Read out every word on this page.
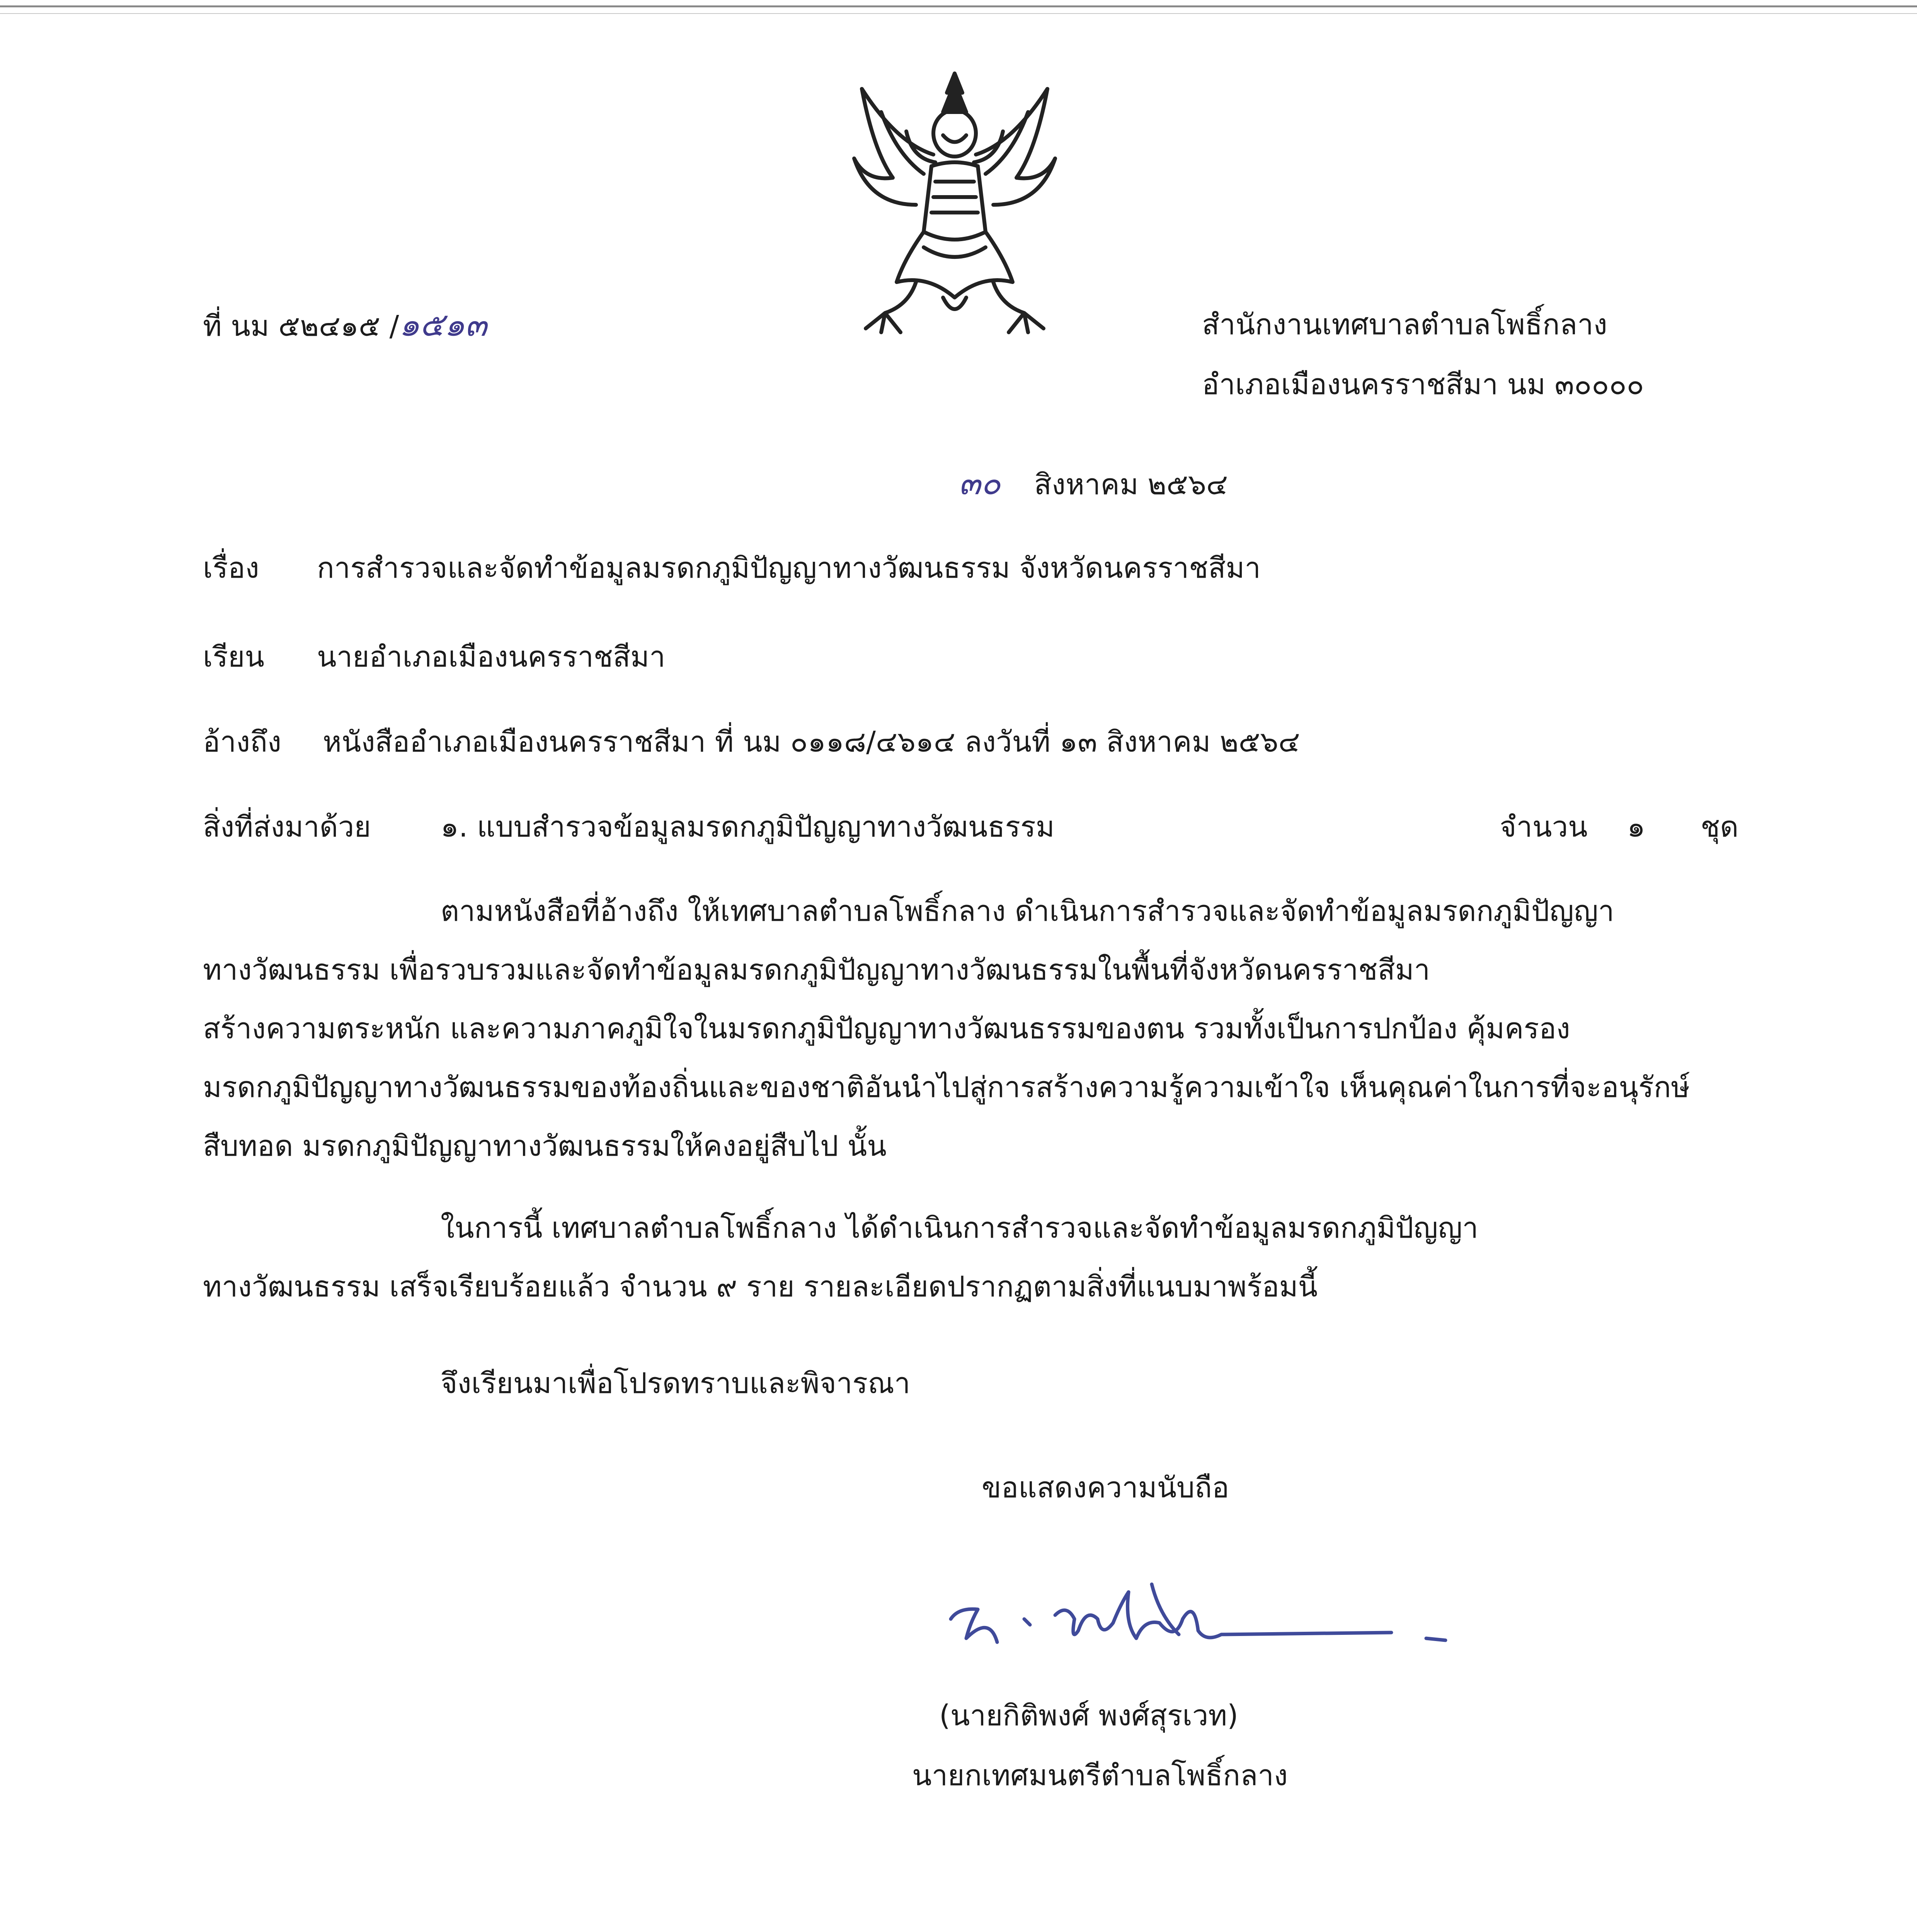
ที่ นม ๕๒๔๑๕ /๑๕๑๓	สำนักงานเทศบาลตำบลโพธิ์กลาง

อำเภอเมืองนครราชสีมา นม ๓๐๐๐๐

๓๐ สิงหาคม ๒๕๖๔

เรื่อง การสำรวจและจัดทำข้อมูลมรดกภูมิปัญญาทางวัฒนธรรม จังหวัดนครราชสีมา

เรียน นายอำเภอเมืองนครราชสีมา

อ้างถึง หนังสืออำเภอเมืองนครราชสีมา ที่ นม ๐๑๑๘/๔๖๑๔ ลงวันที่ ๑๓ สิงหาคม ๒๕๖๔

สิ่งที่ส่งมาด้วย ๑. แบบสำรวจข้อมูลมรดกภูมิปัญญาทางวัฒนธรรม	จำนวน ๑ ชุด

ตามหนังสือที่อ้างถึง ให้เทศบาลตำบลโพธิ์กลาง ดำเนินการสำรวจและจัดทำข้อมูลมรดกภูมิปัญญา
ทางวัฒนธรรม เพื่อรวบรวมและจัดทำข้อมูลมรดกภูมิปัญญาทางวัฒนธรรมในพื้นที่จังหวัดนครราชสีมา
สร้างความตระหนัก และความภาคภูมิใจในมรดกภูมิปัญญาทางวัฒนธรรมของตน รวมทั้งเป็นการปกป้อง คุ้มครอง
มรดกภูมิปัญญาทางวัฒนธรรมของท้องถิ่นและของชาติอันนำไปสู่การสร้างความรู้ความเข้าใจ เห็นคุณค่าในการที่จะอนุรักษ์
สืบทอด มรดกภูมิปัญญาทางวัฒนธรรมให้คงอยู่สืบไป นั้น
ในการนี้ เทศบาลตำบลโพธิ์กลาง ได้ดำเนินการสำรวจและจัดทำข้อมูลมรดกภูมิปัญญา
ทางวัฒนธรรม เสร็จเรียบร้อยแล้ว จำนวน ๙ ราย รายละเอียดปรากฏตามสิ่งที่แนบมาพร้อมนี้

จึงเรียนมาเพื่อโปรดทราบและพิจารณา

ขอแสดงความนับถือ

(นายกิติพงศ์ พงศ์สุรเวท)

นายกเทศมนตรีตำบลโพธิ์กลาง
